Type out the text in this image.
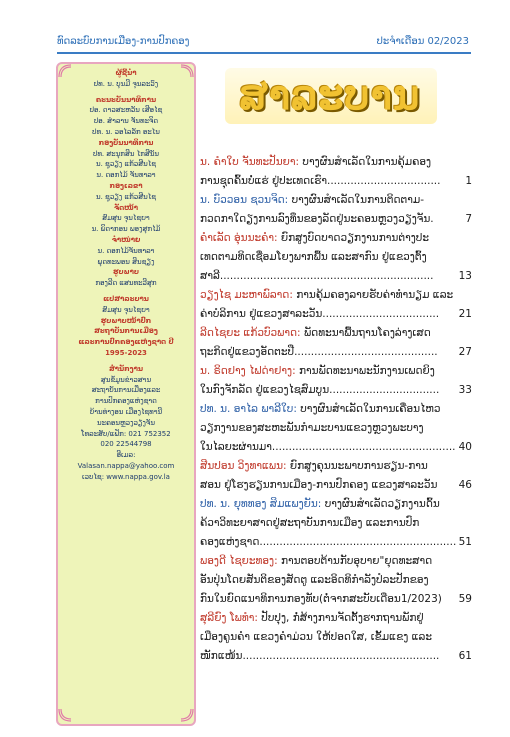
ທົດລະບົບການເມືອງ-ການປົກຄອງ	ປະຈຳເດືອນ 02/2023
ຜູ້ຊີ້ນຳ
ປທ. ນ. ບຸນມີ ຈຸນລະວົງ
ຄະນະບັນນາທິການ
ປອ. ດາວສະຫວັນ ເສີອໄຊ
ປອ. ສຳລານ ຈັນທະຈິດ
ປທ. ນ. ວອໄລລັກ ອະໄນ
ກອງບັນນາທິການ
ປທ. ສະນຸກສິນ ໄກສີນັນ
ນ. ຊູວຽງ ແກ້ວສີນໄຊ
ນ. ດອກໄມ້ ຈັນທາລາ
ກອງເລຂາ
ນ. ຊູວຽງ ແກ້ວສີນໄຊ
ຈັດໜ້າ
ສົມສຸນ ຈຸນໄຊຍາ
ນ. ພິດາກອນ ພອງສຸກໄມ້
ຈຳໜ່າຍ
ນ. ດອກໄມ້ຈັນທາລາ
ພຸດທະພອນ ສິນຊຽງ
ຮູບພາບ
ກອງລີດ ແສນທະວີສຸກ
ແປສາລະບານ
ສົມສຸນ ຈຸນໄຊຍາ
ຮູບພາບໜ້າປົກ
ສະຖາບັນການເມືອງ
ແລະການປົກຄອງແຫ່ງຊາດ ປີ
1995-2023
ສຳນັກງານ
ສູນຂໍ້ມູນຂ່າວສານ
ສະຖາບັນການເມືອງແລະ
ການປົກຄອງແຫ່ງຊາດ
ບ້ານທ່າງອນ ເມືອງໄຊທານີ
ນະຄອນຫຼວງວຽງຈັນ
ໂທລະສັບ/ແຟັກ: 021 752352
020 22544798
ອີເມລ:
Valasan.nappa@yahoo.com
ເວບໄຊ: www.nappa.gov.la
ສາລະບານ
ນ. ຄຳໃບ ຈັນທະປັນຍາ: ບາງຜົນສຳເລັດໃນການຄຸ້ມຄອງ
ການຊຸດຄົ້ນບໍ່ແຮ່ ຢູ່ປະເທດເຮົາ..................................	1
ນ. ບົວວອນ ຊວນຈິດ: ບາງຜົນສຳເລັດໃນການຕິດຕາມ-
ກວດກາໃດຽງການລົງທຶນຂອງລັດຢູ່ນະຄອນຫຼວງວຽງຈັນ.	7
ຄຳເລັດ ອຸ່ນນະຄຳ: ຍົກສູງບົດບາດວຽກງານການຕ່າງປະ
ເທດຕາມທິດເຊື່ອມໂຍງພາກພື້ນ ແລະສາກົນ ຢູ່ແຂວງຕົ້ງ
ສາລີ................................................................	13
ວຽງໄຊ ມະຫາພົລາດ: ການຄຸ້ມຄອງລາຍຮັບຄ່າທຳນຽມ ແລະ
ຄ່າບໍລິການ ຢູ່ແຂວງສາລະວັນ...................................	21
ລີດໄຊຍະ ແກ້ວບົວພາດ: ພັດທະນາພື້ນຖານໂຄງລ່າງເສດ
ຖະກິດຢູ່ແຂວງອັດຕະປື...........................................	27
ນ. ຣິດຢາງ ໄຟດ່າຢາງ: ການພັດທະນາພະນັກງານເພດຍິງ
ໃນກົງຈັກລັດ ຢູ່ແຂວງໄຊສົມບູນ.................................	33
ປທ. ນ. ອາໄລ ພາລີໃບ: ບາງຜົນສຳເລັດໃນການເຄື່ອນໄຫວ
ວຽກງານຂອງສະຫະພັນກຳມະບານແຂວງຫຼວງພະບາງ
ໃນໄລຍະຜ່ານມາ....................................................... 40
ສີນປອນ ວິງທາແພນ: ຍົກສູງຄຸນນະພາບການຮຽນ-ການ
ສອນ ຢູ່ໂຮງຮຽນການເມືອງ-ການປົກຄອງ ແຂວງສາລະວັນ	46
ປທ. ນ. ຍຸທທອງ ສິມແພງຍັນ: ບາງຜົນສຳເລັດວຽກງານດົ້ນ
ຄ້ວາວິທະຍາສາດຢູ່ສະຖາບັນການເມືອງ ແລະການປົກ
ຄອງແຫ່ງຊາດ........................................................... 51
ພອງດີ ໄຊຍະທອງ: ການຕອບຕ້ານກັບອຸບາຍ"ຍຸດທະສາດ
ອັນປຸ່ນໂດຍສັນຕິຂອງສັດຕູ ແລະອິດທິກຳລັງປໍລະປັກຂອງ
ກົນໃນຍົດແນາທິການກອງທັບ(ຕໍ່ຈາກສະບັບເດືອນ1/2023)	59
ສຸລີຍົງ ໂພທຳ: ປັບປຸງ, ກໍ່ສ້າງການຈັດຕັ້ງຮາກຖານພັກຢູ່
ເມືອງຄູນຄຳ ແຂວງຄຳມ່ວນ ໃຫ້ປອດໃສ, ເຂັ້ມແຂງ ແລະ
ໜັກແໜ້ນ...........................................................	61
